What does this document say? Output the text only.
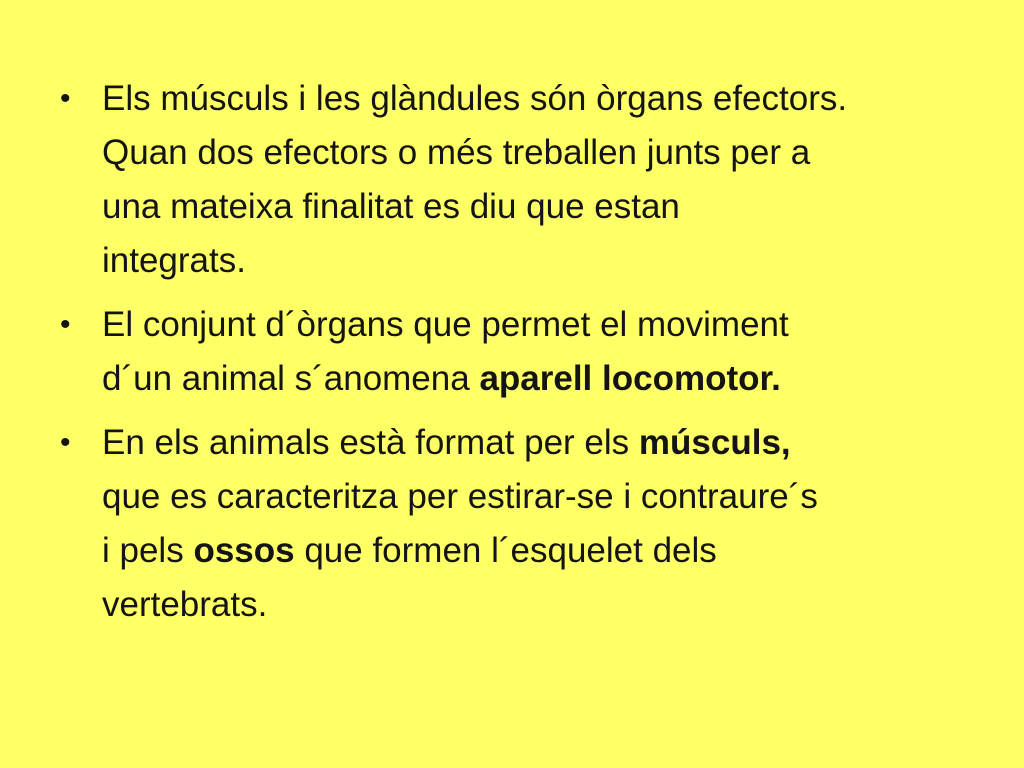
• Els músculs i les glàndules són òrgans efectors.
Quan dos efectors o més treballen junts per a
una mateixa finalitat es diu que estan
integrats.
• El conjunt d´òrgans que permet el moviment
d´un animal s´anomena aparell locomotor.
• En els animals està format per els músculs,
que es caracteritza per estirar-se i contraure´s
i pels ossos que formen l´esquelet dels
vertebrats.
